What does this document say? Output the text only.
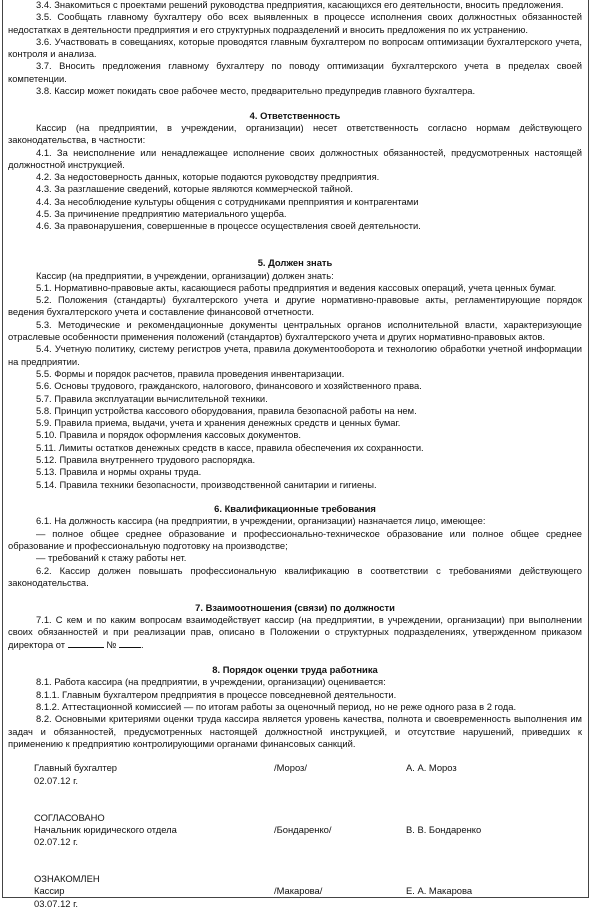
3.4. Знакомиться с проектами решений руководства предприятия, касающихся его деятельности, вносить предложения.

3.5. Сообщать главному бухгалтеру обо всех выявленных в процессе исполнения своих должностных обязанностей недостатках в деятельности предприятия и его структурных подразделений и вносить предложения по их устранению.

3.6. Участвовать в совещаниях, которые проводятся главным бухгалтером по вопросам оптимизации бухгалтерского учета, контроля и анализа.

3.7. Вносить предложения главному бухгалтеру по поводу оптимизации бухгалтерского учета в пределах своей компетенции.

3.8. Кассир может покидать свое рабочее место, предварительно предупредив главного бухгалтера.

4. Ответственность

Кассир (на предприятии, в учреждении, организации) несет ответственность согласно нормам действующего законодательства, в частности:

4.1. За неисполнение или ненадлежащее исполнение своих должностных обязанностей, предусмотренных настоящей должностной инструкцией.

4.2. За недостоверность данных, которые подаются руководству предприятия.

4.3. За разглашение сведений, которые являются коммерческой тайной.

4.4. За несоблюдение культуры общения с сотрудниками препприятия и контрагентами

4.5. За причинение предприятию материального ущерба.

4.6. За правонарушения, совершенные в процессе осуществления своей деятельности.

5. Должен знать

Кассир (на предприятии, в учреждении, организации) должен знать:

5.1. Нормативно-правовые акты, касающиеся работы предприятия и ведения кассовых операций, учета ценных бумаг.

5.2. Положения (стандарты) бухгалтерского учета и другие нормативно-правовые акты, регламентирующие порядок ведения бухгалтерского учета и составление финансовой отчетности.

5.3. Методические и рекомендационные документы центральных органов исполнительной власти, характеризующие отраслевые особенности применения положений (стандартов) бухгалтерского учета и других нормативно-правовых актов.

5.4. Учетную политику, систему регистров учета, правила документооборота и технологию обработки учетной информации на предприятии.

5.5. Формы и порядок расчетов, правила проведения инвентаризации.

5.6. Основы трудового, гражданского, налогового, финансового и хозяйственного права.

5.7. Правила эксплуатации вычислительной техники.

5.8. Принцип устройства кассового оборудования, правила безопасной работы на нем.

5.9. Правила приема, выдачи, учета и хранения денежных средств и ценных бумаг.

5.10. Правила и порядок оформления кассовых документов.

5.11. Лимиты остатков денежных средств в кассе, правила обеспечения их сохранности.

5.12. Правила внутреннего трудового распорядка.

5.13. Правила и нормы охраны труда.

5.14. Правила техники безопасности, производственной санитарии и гигиены.

6. Квалификационные требования

6.1. На должность кассира (на предприятии, в учреждении, организации) назначается лицо, имеющее:

— полное общее среднее образование и профессионально-техническое образование или полное общее среднее образование и профессиональную подготовку на производстве;

— требований к стажу работы нет.

6.2. Кассир должен повышать профессиональную квалификацию в соответствии с требованиями действующего законодательства.

7. Взаимоотношения (связи) по должности

7.1. С кем и по каким вопросам взаимодействует кассир (на предприятии, в учреждении, организации) при выполнении своих обязанностей и при реализации прав, описано в Положении о структурных подразделениях, утвержденном приказом директора от	№	.

8. Порядок оценки труда работника

8.1. Работа кассира (на предприятии, в учреждении, организации) оценивается:

8.1.1. Главным бухгалтером предприятия в процессе повседневной деятельности.

8.1.2. Аттестационной комиссией — по итогам работы за оценочный период, но не реже одного раза в 2 года.

8.2. Основными критериями оценки труда кассира является уровень качества, полнота и своевременность выполнения им задач и обязанностей, предусмотренных настоящей должностной инструкцией, и отсутствие нарушений, приведших к применению к предприятию контролирующими органами финансовых санкций.

Главный бухгалтер	/Мороз/	А. А. Мороз
02.07.12 г.
СОГЛАСОВАНО
Начальник юридического отдела	/Бондаренко/	В. В. Бондаренко
02.07.12 г.
ОЗНАКОМЛЕН
Кассир	/Макарова/	Е. А. Макарова
03.07.12 г.
